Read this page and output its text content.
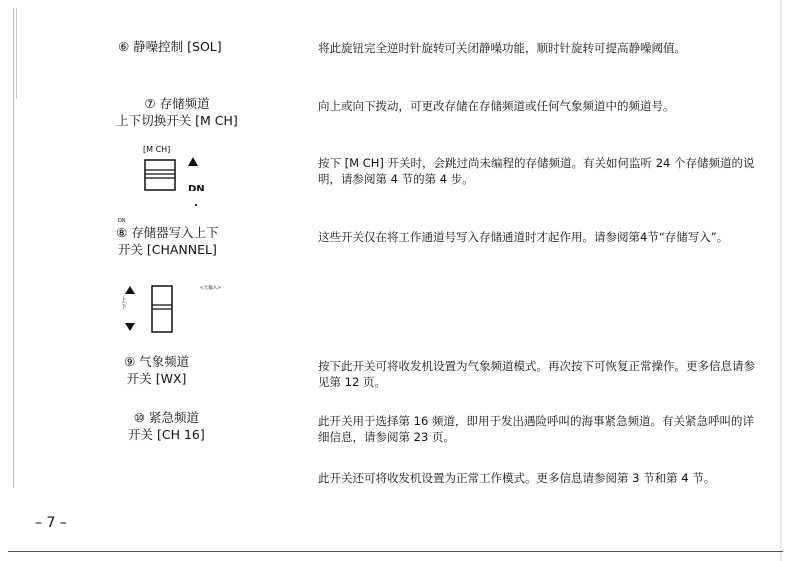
⑥ 静噪控制 [SOL]	将此旋钮完全逆时针旋转可关闭静噪功能，顺时针旋转可提高静噪阈值。
⑦ 存储频道
上下切换开关 [M CH]
向上或向下拨动，可更改存储在存储频道或任何气象频道中的频道号。
[M CH]
DN
按下 [M CH] 开关时，会跳过尚未编程的存储频道。有关如何监听 24 个存储频道的说明，请参阅第 4 节的第 4 步。
DN
⑧ 存储器写入上下
开关 [CHANNEL]
这些开关仅在将工作通道号写入存储通道时才起作用。请参阅第4节“存储写入”。
上下
<无输入>
⑨ 气象频道
开关 [WX]
按下此开关可将收发机设置为气象频道模式。再次按下可恢复正常操作。更多信息请参见第 12 页。
⑩ 紧急频道
开关 [CH 16]
此开关用于选择第 16 频道，即用于发出遇险呼叫的海事紧急频道。有关紧急呼叫的详细信息，请参阅第 23 页。
此开关还可将收发机设置为正常工作模式。更多信息请参阅第 3 节和第 4 节。
– 7 –
